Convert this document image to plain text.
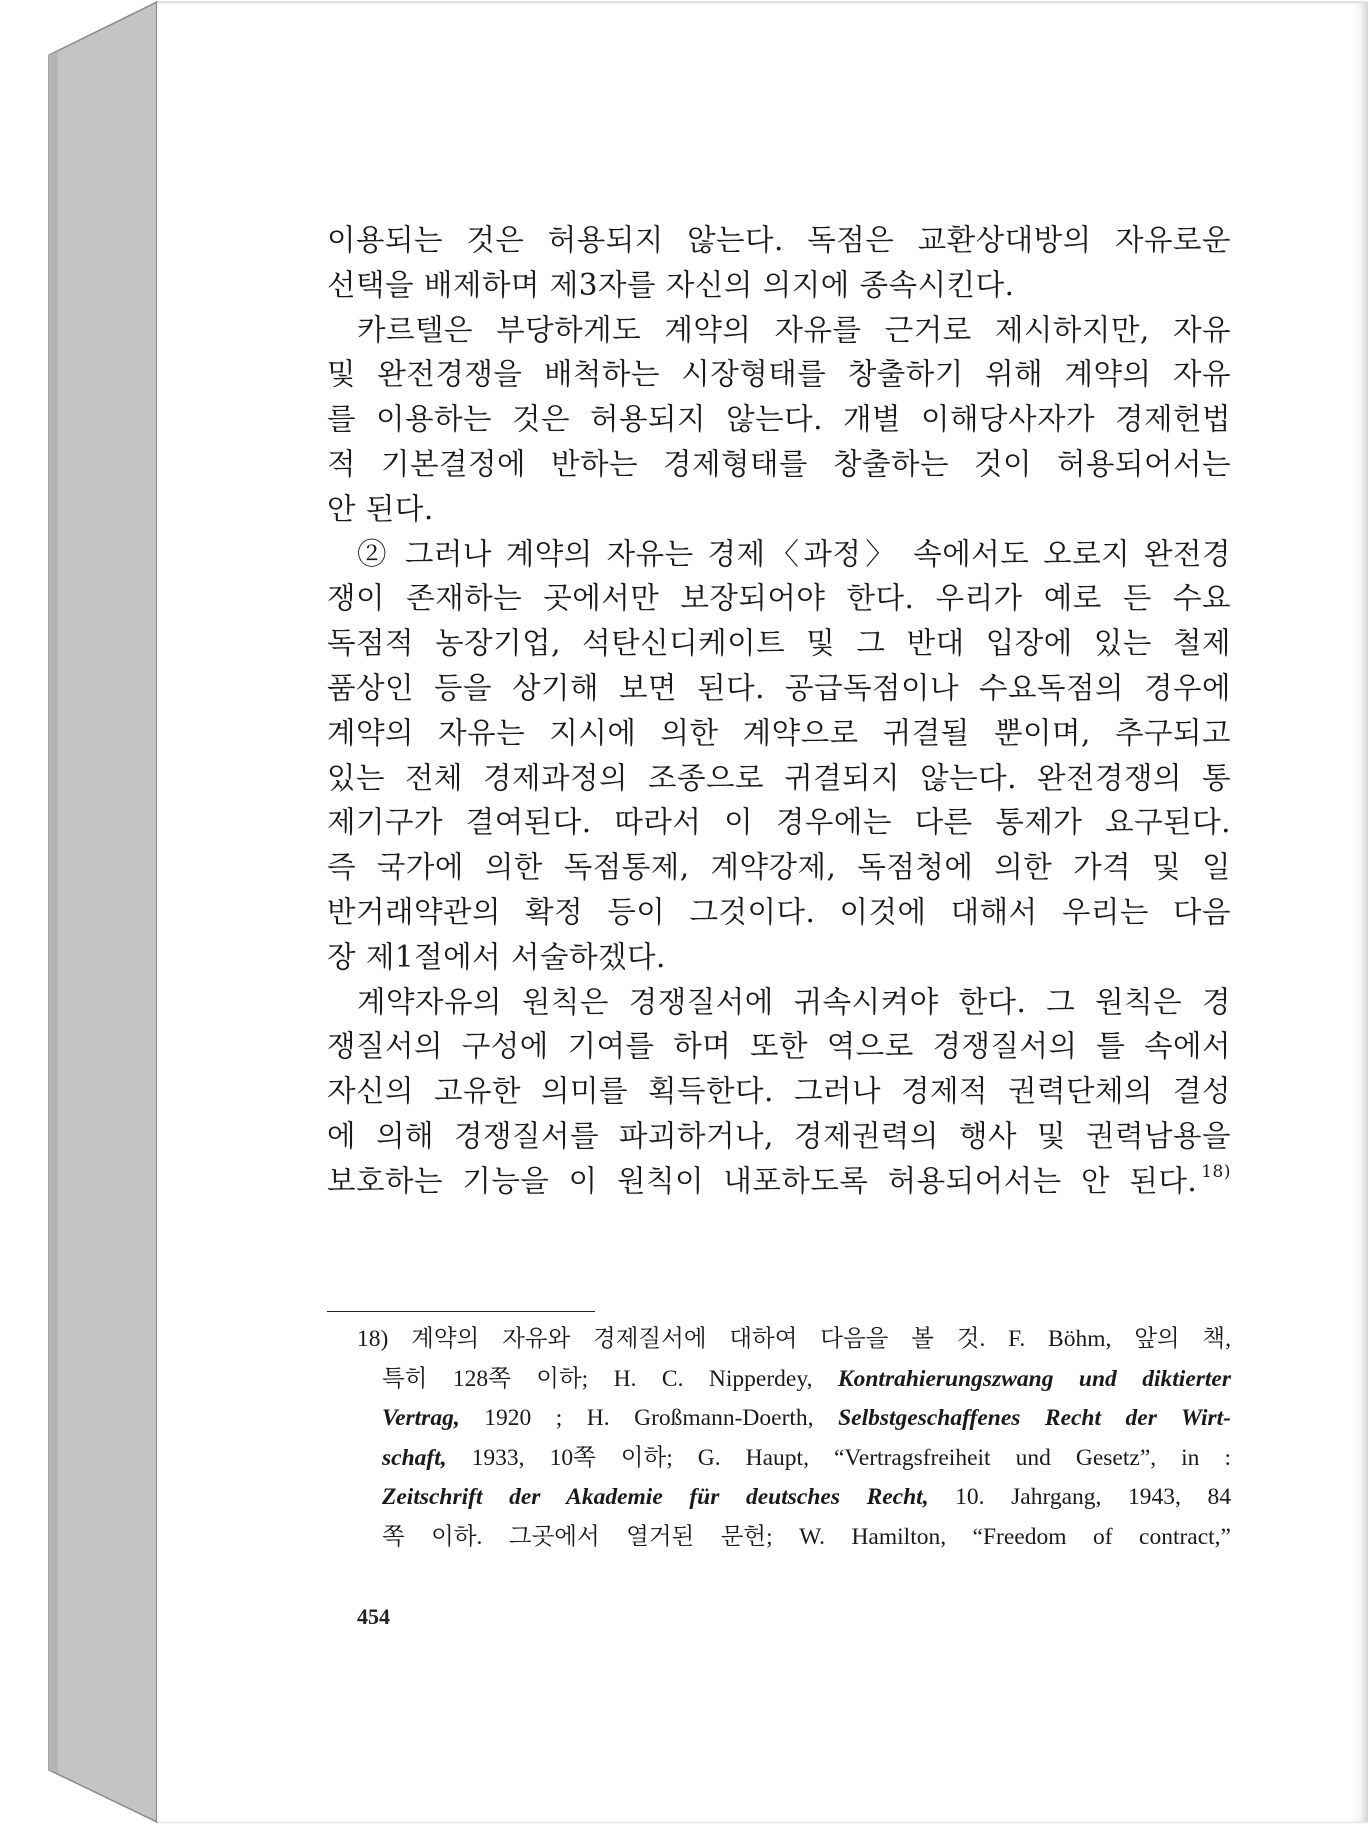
이용되는 것은 허용되지 않는다. 독점은 교환상대방의 자유로운
선택을 배제하며 제3자를 자신의 의지에 종속시킨다.
카르텔은 부당하게도 계약의 자유를 근거로 제시하지만, 자유
및 완전경쟁을 배척하는 시장형태를 창출하기 위해 계약의 자유
를 이용하는 것은 허용되지 않는다. 개별 이해당사자가 경제헌법
적 기본결정에 반하는 경제형태를 창출하는 것이 허용되어서는
안 된다.
② 그러나 계약의 자유는 경제〈과정〉 속에서도 오로지 완전경
쟁이 존재하는 곳에서만 보장되어야 한다. 우리가 예로 든 수요
독점적 농장기업, 석탄신디케이트 및 그 반대 입장에 있는 철제
품상인 등을 상기해 보면 된다. 공급독점이나 수요독점의 경우에
계약의 자유는 지시에 의한 계약으로 귀결될 뿐이며, 추구되고
있는 전체 경제과정의 조종으로 귀결되지 않는다. 완전경쟁의 통
제기구가 결여된다. 따라서 이 경우에는 다른 통제가 요구된다.
즉 국가에 의한 독점통제, 계약강제, 독점청에 의한 가격 및 일
반거래약관의 확정 등이 그것이다. 이것에 대해서 우리는 다음
장 제1절에서 서술하겠다.
계약자유의 원칙은 경쟁질서에 귀속시켜야 한다. 그 원칙은 경
쟁질서의 구성에 기여를 하며 또한 역으로 경쟁질서의 틀 속에서
자신의 고유한 의미를 획득한다. 그러나 경제적 권력단체의 결성
에 의해 경쟁질서를 파괴하거나, 경제권력의 행사 및 권력남용을
보호하는 기능을 이 원칙이 내포하도록 허용되어서는 안 된다. $^{18)}$
18) 계약의 자유와 경제질서에 대하여 다음을 볼 것. F. Böhm, 앞의 책,
특히 128쪽 이하; H. C. Nipperdey, Kontrahierungszwang und diktierter
Vertrag, 1920 ; H. Großmann-Doerth, Selbstgeschaffenes Recht der Wirt-
schaft, 1933, 10쪽 이하; G. Haupt, “Vertragsfreiheit und Gesetz”, in :
Zeitschrift der Akademie für deutsches Recht, 10. Jahrgang, 1943, 84
쪽 이하. 그곳에서 열거된 문헌; W. Hamilton, “Freedom of contract,”
454
